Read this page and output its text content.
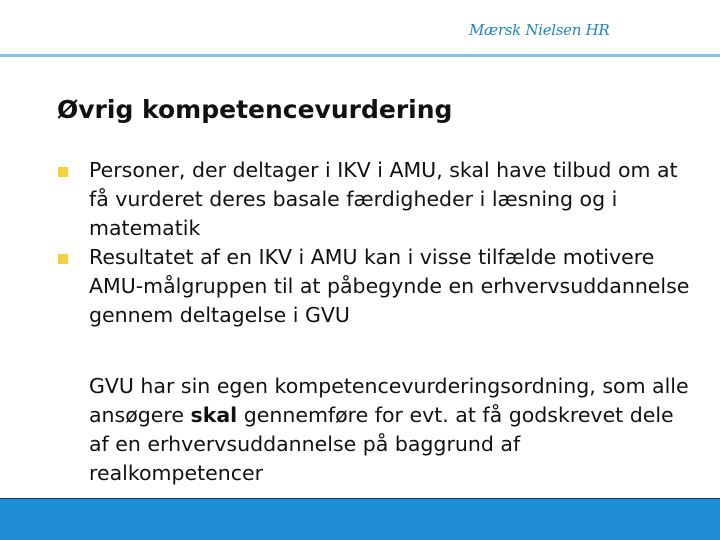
Mærsk Nielsen HR
Øvrig kompetencevurdering
Personer, der deltager i IKV i AMU, skal have tilbud om at få vurderet deres basale færdigheder i læsning og i matematik
Resultatet af en IKV i AMU kan i visse tilfælde motivere AMU-målgruppen til at påbegynde en erhvervsuddannelse gennem deltagelse i GVU
GVU har sin egen kompetencevurderingsordning, som alle ansøgere skal gennemføre for evt. at få godskrevet dele af en erhvervsuddannelse på baggrund af realkompetencer
